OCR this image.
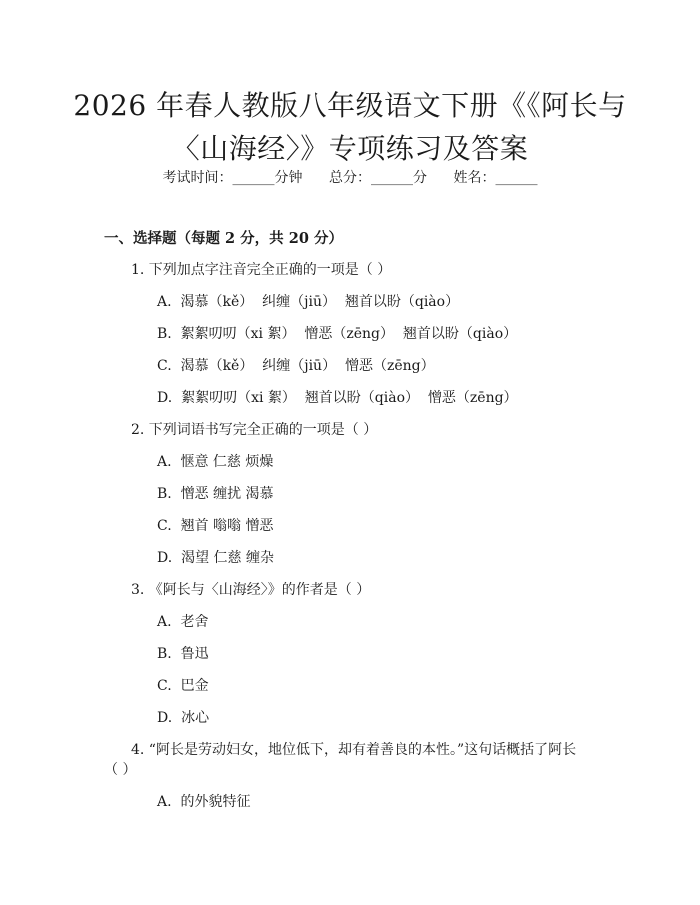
2026 年春人教版八年级语文下册《《阿长与
〈山海经〉》专项练习及答案
考试时间：______分钟 总分：______分 姓名：______
一、选择题（每题 2 分，共 20 分）
1. 下列加点字注音完全正确的一项是（ ）
A.  渴慕（kě）  纠缠（jiū）  翘首以盼（qiào）
B.  絮絮叨叨（xi 絮）  憎恶（zēng）  翘首以盼（qiào）
C.  渴慕（kě）  纠缠（jiū）  憎恶（zēng）
D.  絮絮叨叨（xi 絮）  翘首以盼（qiào）  憎恶（zēng）
2. 下列词语书写完全正确的一项是（ ）
A.  惬意 仁慈 烦燥
B.  憎恶 缠扰 渴慕
C.  翘首 嗡嗡 憎恶
D.  渴望 仁慈 缠杂
3. 《阿长与〈山海经〉》的作者是（ ）
A.  老舍
B.  鲁迅
C.  巴金
D.  冰心
4. “阿长是劳动妇女，地位低下，却有着善良的本性。”这句话概括了阿长
（ ）
A.  的外貌特征
